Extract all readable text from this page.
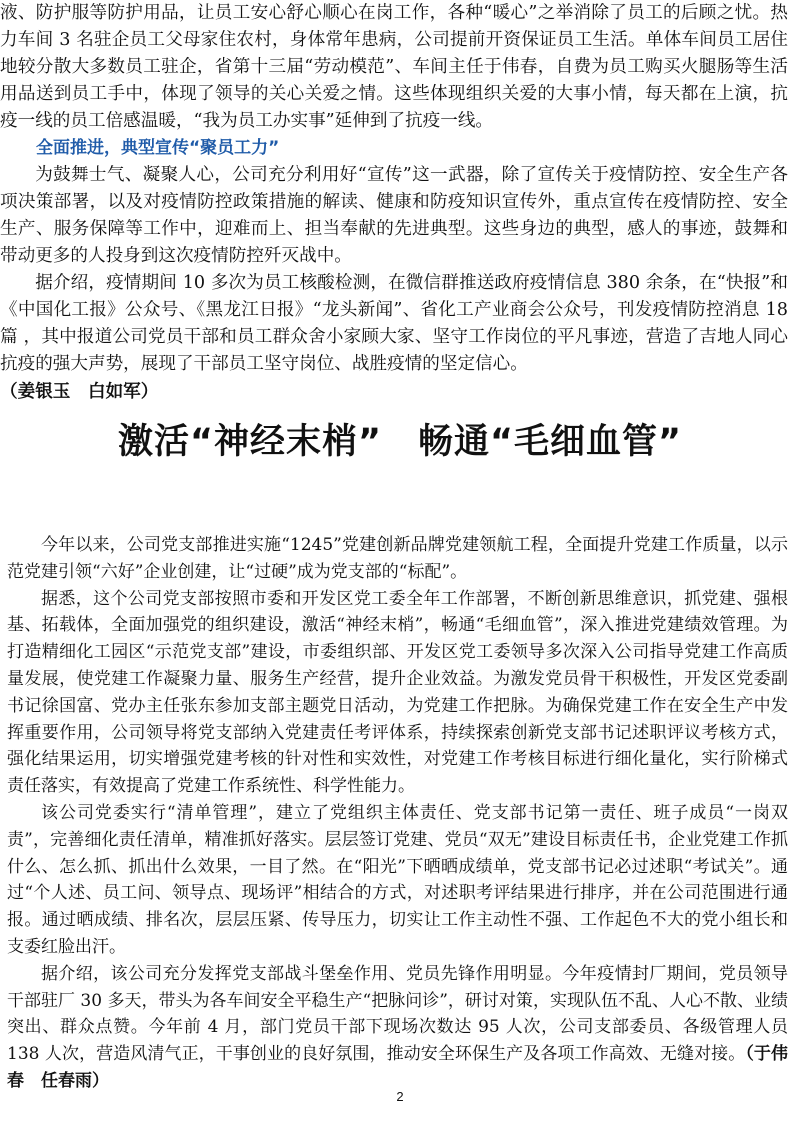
液、防护服等防护用品，让员工安心舒心顺心在岗工作，各种“暖心”之举消除了员工的后顾之忧。热力车间 3 名驻企员工父母家住农村，身体常年患病，公司提前开资保证员工生活。单体车间员工居住地较分散大多数员工驻企，省第十三届“劳动模范”、车间主任于伟春，自费为员工购买火腿肠等生活用品送到员工手中，体现了领导的关心关爱之情。这些体现组织关爱的大事小情，每天都在上演，抗疫一线的员工倍感温暖，“我为员工办实事”延伸到了抗疫一线。

全面推进，典型宣传“聚员工力”

为鼓舞士气、凝聚人心，公司充分利用好“宣传”这一武器，除了宣传关于疫情防控、安全生产各项决策部署，以及对疫情防控政策措施的解读、健康和防疫知识宣传外，重点宣传在疫情防控、安全生产、服务保障等工作中，迎难而上、担当奉献的先进典型。这些身边的典型，感人的事迹，鼓舞和带动更多的人投身到这次疫情防控歼灭战中。

据介绍，疫情期间 10 多次为员工核酸检测，在微信群推送政府疫情信息 380 余条，在“快报”和《中国化工报》公众号、《黑龙江日报》“龙头新闻”、省化工产业商会公众号，刊发疫情防控消息 18 篇 ，其中报道公司党员干部和员工群众舍小家顾大家、坚守工作岗位的平凡事迹，营造了吉地人同心抗疫的强大声势，展现了干部员工坚守岗位、战胜疫情的坚定信心。

（姜银玉　白如军）

激活“神经末梢”　畅通“毛细血管”

今年以来，公司党支部推进实施“1245”党建创新品牌党建领航工程，全面提升党建工作质量，以示范党建引领“六好”企业创建，让“过硬”成为党支部的“标配”。

据悉，这个公司党支部按照市委和开发区党工委全年工作部署，不断创新思维意识，抓党建、强根基、拓载体，全面加强党的组织建设，激活“神经末梢”，畅通“毛细血管”，深入推进党建绩效管理。为打造精细化工园区“示范党支部”建设，市委组织部、开发区党工委领导多次深入公司指导党建工作高质量发展，使党建工作凝聚力量、服务生产经营，提升企业效益。为激发党员骨干积极性，开发区党委副书记徐国富、党办主任张东参加支部主题党日活动，为党建工作把脉。为确保党建工作在安全生产中发挥重要作用，公司领导将党支部纳入党建责任考评体系，持续探索创新党支部书记述职评议考核方式，强化结果运用，切实增强党建考核的针对性和实效性，对党建工作考核目标进行细化量化，实行阶梯式责任落实，有效提高了党建工作系统性、科学性能力。

该公司党委实行“清单管理”，建立了党组织主体责任、党支部书记第一责任、班子成员“一岗双责”，完善细化责任清单，精准抓好落实。层层签订党建、党员“双无”建设目标责任书，企业党建工作抓什么、怎么抓、抓出什么效果，一目了然。在“阳光”下晒晒成绩单，党支部书记必过述职“考试关”。通过“个人述、员工问、领导点、现场评”相结合的方式，对述职考评结果进行排序，并在公司范围进行通报。通过晒成绩、排名次，层层压紧、传导压力，切实让工作主动性不强、工作起色不大的党小组长和支委红脸出汗。

据介绍，该公司充分发挥党支部战斗堡垒作用、党员先锋作用明显。今年疫情封厂期间，党员领导干部驻厂 30 多天，带头为各车间安全平稳生产“把脉问诊”，研讨对策，实现队伍不乱、人心不散、业绩突出、群众点赞。今年前 4 月，部门党员干部下现场次数达 95 人次，公司支部委员、各级管理人员 138 人次，营造风清气正，干事创业的良好氛围，推动安全环保生产及各项工作高效、无缝对接。（于伟春　任春雨）

2
